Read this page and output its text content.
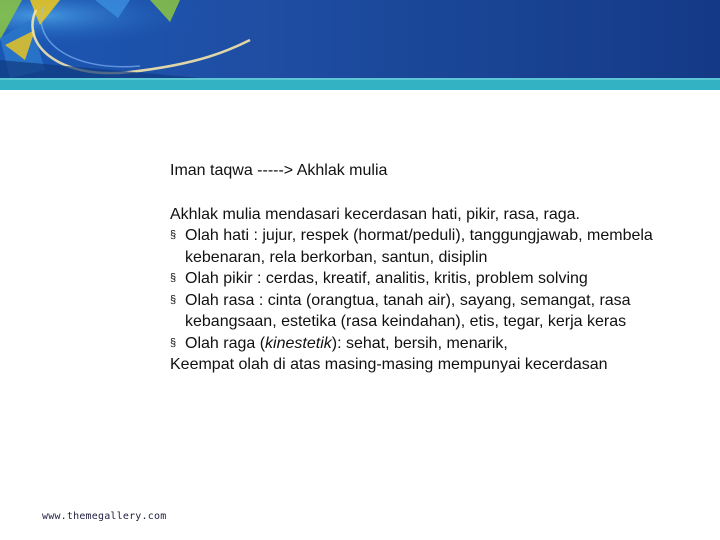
Iman taqwa -----> Akhlak mulia

Akhlak mulia mendasari kecerdasan hati, pikir, rasa, raga.

§ Olah hati : jujur, respek (hormat/peduli), tanggungjawab, membela kebenaran, rela berkorban, santun, disiplin
§ Olah pikir : cerdas, kreatif, analitis, kritis, problem solving
§ Olah rasa : cinta (orangtua, tanah air), sayang, semangat, rasa kebangsaan, estetika (rasa keindahan), etis, tegar, kerja keras
§ Olah raga (kinestetik): sehat, bersih, menarik,

Keempat olah di atas masing-masing mempunyai kecerdasan

www.themegallery.com
